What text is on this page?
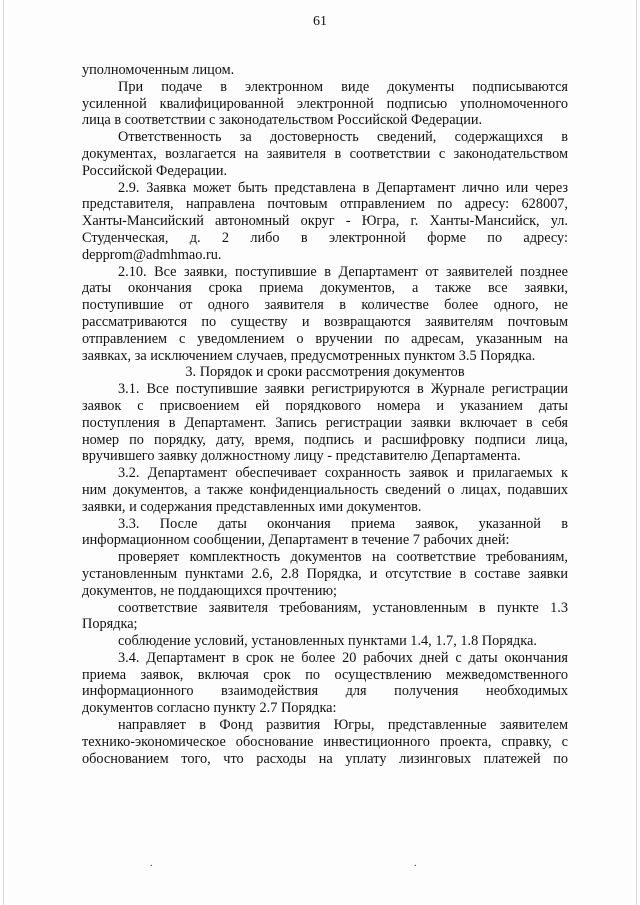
61

уполномоченным лицом.

При подаче в электронном виде документы подписываются
усиленной квалифицированной электронной подписью уполномоченного
лица в соответствии с законодательством Российской Федерации.

Ответственность за достоверность сведений, содержащихся в
документах, возлагается на заявителя в соответствии с законодательством
Российской Федерации.

2.9. Заявка может быть представлена в Департамент лично или через
представителя, направлена почтовым отправлением по адресу: 628007,
Ханты-Мансийский автономный округ - Югра, г. Ханты-Мансийск, ул.
Студенческая, д. 2 либо в электронной форме по адресу:
depprom@admhmao.ru.

2.10. Все заявки, поступившие в Департамент от заявителей позднее
даты окончания срока приема документов, а также все заявки,
поступившие от одного заявителя в количестве более одного, не
рассматриваются по существу и возвращаются заявителям почтовым
отправлением с уведомлением о вручении по адресам, указанным на
заявках, за исключением случаев, предусмотренных пунктом 3.5 Порядка.

3. Порядок и сроки рассмотрения документов

3.1. Все поступившие заявки регистрируются в Журнале регистрации
заявок с присвоением ей порядкового номера и указанием даты
поступления в Департамент. Запись регистрации заявки включает в себя
номер по порядку, дату, время, подпись и расшифровку подписи лица,
вручившего заявку должностному лицу - представителю Департамента.

3.2. Департамент обеспечивает сохранность заявок и прилагаемых к
ним документов, а также конфиденциальность сведений о лицах, подавших
заявки, и содержания представленных ими документов.

3.3. После даты окончания приема заявок, указанной в
информационном сообщении, Департамент в течение 7 рабочих дней:

проверяет комплектность документов на соответствие требованиям,
установленным пунктами 2.6, 2.8 Порядка, и отсутствие в составе заявки
документов, не поддающихся прочтению;

соответствие заявителя требованиям, установленным в пункте 1.3
Порядка;

соблюдение условий, установленных пунктами 1.4, 1.7, 1.8 Порядка.

3.4. Департамент в срок не более 20 рабочих дней с даты окончания
приема заявок, включая срок по осуществлению межведомственного
информационного взаимодействия для получения необходимых
документов согласно пункту 2.7 Порядка:

направляет в Фонд развития Югры, представленные заявителем
технико-экономическое обоснование инвестиционного проекта, справку, с
обоснованием того, что расходы на уплату лизинговых платежей по

.	.
